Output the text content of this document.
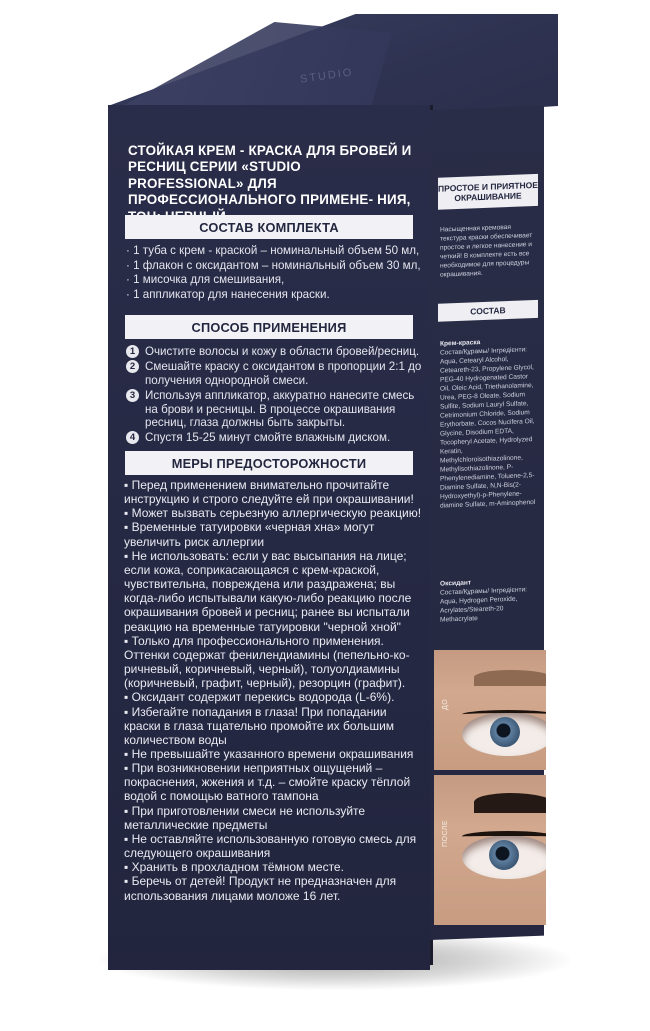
STUDIO
СТОЙКАЯ КРЕМ - КРАСКА ДЛЯ БРОВЕЙ И РЕСНИЦ СЕРИИ «STUDIO PROFESSIONAL» ДЛЯ ПРОФЕССИОНАЛЬНОГО ПРИМЕНЕ- НИЯ,
СОСТАВ КОМПЛЕКТА
· 1 туба с крем - краской – номинальный объем 50 мл,
· 1 флакон с оксидантом – номинальный объем 30 мл,
· 1 мисочка для смешивания,
· 1 аппликатор для нанесения краски.
СПОСОБ ПРИМЕНЕНИЯ
1 Очистите волосы и кожу в области бровей/ресниц.
2 Смешайте краску с оксидантом в пропорции 2:1 до получения однородной смеси.
3 Используя аппликатор, аккуратно нанесите смесь на брови и ресницы. В процессе окрашивания ресниц, глаза должны быть закрыты.
4 Спустя 15-25 минут смойте влажным диском.
МЕРЫ ПРЕДОСТОРОЖНОСТИ
▪ Перед применением внимательно прочитайте инструкцию и строго следуйте ей при окрашивании!
▪ Может вызвать серьезную аллергическую реакцию!
▪ Временные татуировки «черная хна» могут увеличить риск аллергии
▪ Не использовать: если у вас высыпания на лице; если кожа, соприкасающаяся с крем-краской, чувствительна, повреждена или раздражена; вы когда-либо испытывали какую-либо реакцию после окрашивания бровей и ресниц; ранее вы испытали реакцию на временные татуировки "черной хной"
▪ Только для профессионального применения. Оттенки содержат фенилендиамины (пепельно-ко- ричневый, коричневый, черный), толуолдиамины (коричневый, графит, черный), резорцин (графит).
▪ Оксидант содержит перекись водорода (L-6%).
▪ Избегайте попадания в глаза! При попадании краски в глаза тщательно промойте их большим количеством воды
▪ Не превышайте указанного времени окрашивания
▪ При возникновении неприятных ощущений – покраснения, жжения и т.д. – смойте краску тёплой водой с помощью ватного тампона
▪ При приготовлении смеси не используйте металлические предметы
▪ Не оставляйте использованную готовую смесь для следующего окрашивания
▪ Хранить в прохладном тёмном месте.
▪ Беречь от детей! Продукт не предназначен для использования лицами моложе 16 лет.
ПРОСТОЕ И ПРИЯТНОЕ ОКРАШИВАНИЕ
Насыщенная кремовая текстура краски обеспечивает простое и легкое нанесение и четкий! В комплекте есть все необходимое для процедуры окрашивания.
СОСТАВ
Крем-краска
Состав/Құрамы/ Інгредієнти: Aqua, Cetearyl Alcohol, Ceteareth-23, Propylene Glycol, PEG-40 Hydrogenated Castor Oil, Oleic Acid, Triethanolamine, Urea, PEG-8 Oleate, Sodium Sulfite, Sodium Lauryl Sulfate, Cetrimonium Chloride, Sodium Erythorbate, Cocos Nucifera Oil, Glycine, Disodium EDTA, Tocopheryl Acetate, Hydrolyzed Keratin, Methylchloroisothiazolinone, Methylisothiazolinone, P-Phenylenediamine, Toluene-2,5-Diamine Sulfate, N,N-Bis(2-Hydroxyethyl)-p-Phenylene- diamine Sulfate, m-Aminophenol
Оксидант
Состав/Құрамы/ Інгредієнти: Aqua, Hydrogen Peroxide, Acrylates/Steareth-20 Methacrylate
ДО
ПОСЛЕ
